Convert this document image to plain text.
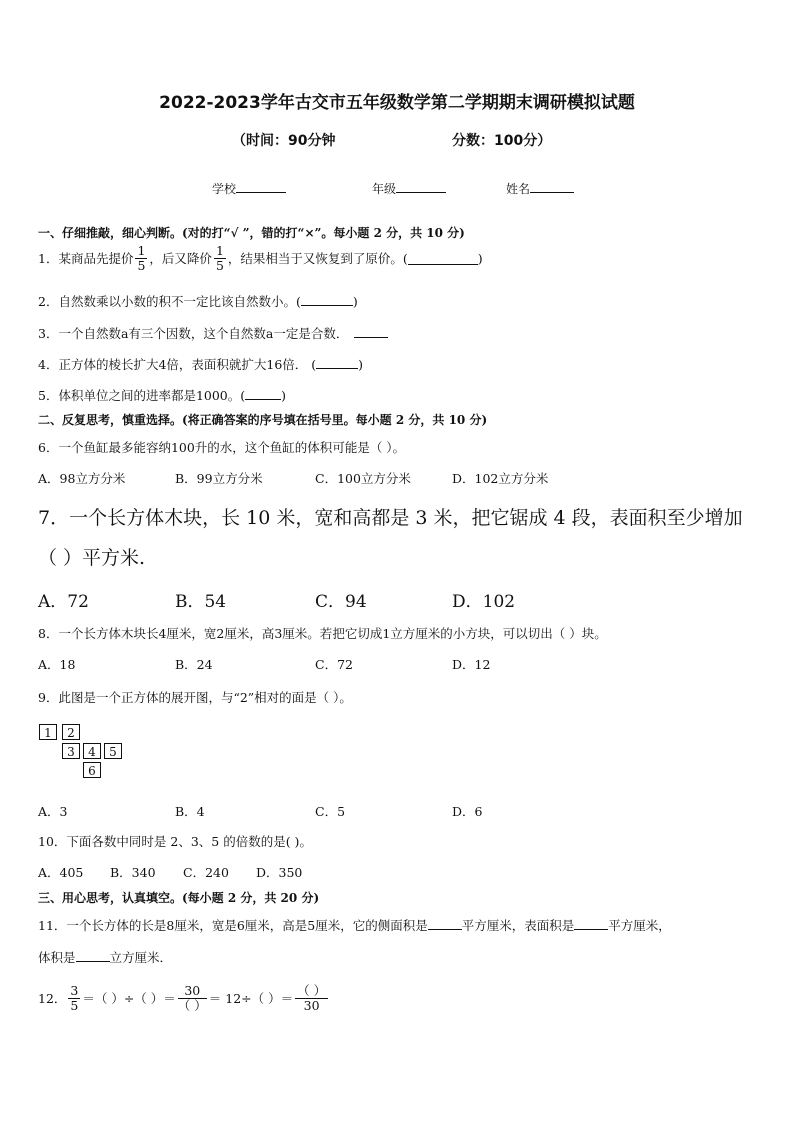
2022-2023学年古交市五年级数学第二学期期末调研模拟试题
（时间：90分钟	分数：100分）
学校	年级	姓名
一、仔细推敲，细心判断。(对的打“√ ”，错的打“×”。每小题 2 分，共 10 分)
1．某商品先提价 $\frac{1}{5}$ ，后又降价 $\frac{1}{5}$ ，结果相当于又恢复到了原价。(	)
2．自然数乘以小数的积不一定比该自然数小。(	)
3．一个自然数a有三个因数，这个自然数a一定是合数．
4．正方体的棱长扩大4倍，表面积就扩大16倍． (	)
5．体积单位之间的进率都是1000。(	)
二、反复思考，慎重选择。(将正确答案的序号填在括号里。每小题 2 分，共 10 分)
6．一个鱼缸最多能容纳100升的水，这个鱼缸的体积可能是（ ）。
A．98立方分米	B．99立方分米	C．100立方分米	D．102立方分米
7．一个长方体木块，长 10 米，宽和高都是 3 米，把它锯成 4 段，表面积至少增加
（ ）平方米.
A．72	B．54	C．94	D．102
8．一个长方体木块长4厘米，宽2厘米，高3厘米。若把它切成1立方厘米的小方块，可以切出（ ）块。
A．18	B．24	C．72	D．12
9．此图是一个正方体的展开图，与“2”相对的面是（ ）。
1	2
3	4	5
6
A．3	B．4	C．5	D．6
10．下面各数中同时是 2、3、5 的倍数的是( )。
A．405 B．340 C．240 D．350
三、用心思考，认真填空。(每小题 2 分，共 20 分)
11．一个长方体的长是8厘米，宽是6厘米，高是5厘米，它的侧面积是	平方厘米，表面积是	平方厘米，
体积是	立方厘米．
12． $\frac{3}{5}$ ＝（ ）÷（ ）＝ $\frac{30}{( )} = 12\div$（ ）＝ $\frac{( )}{30}$
